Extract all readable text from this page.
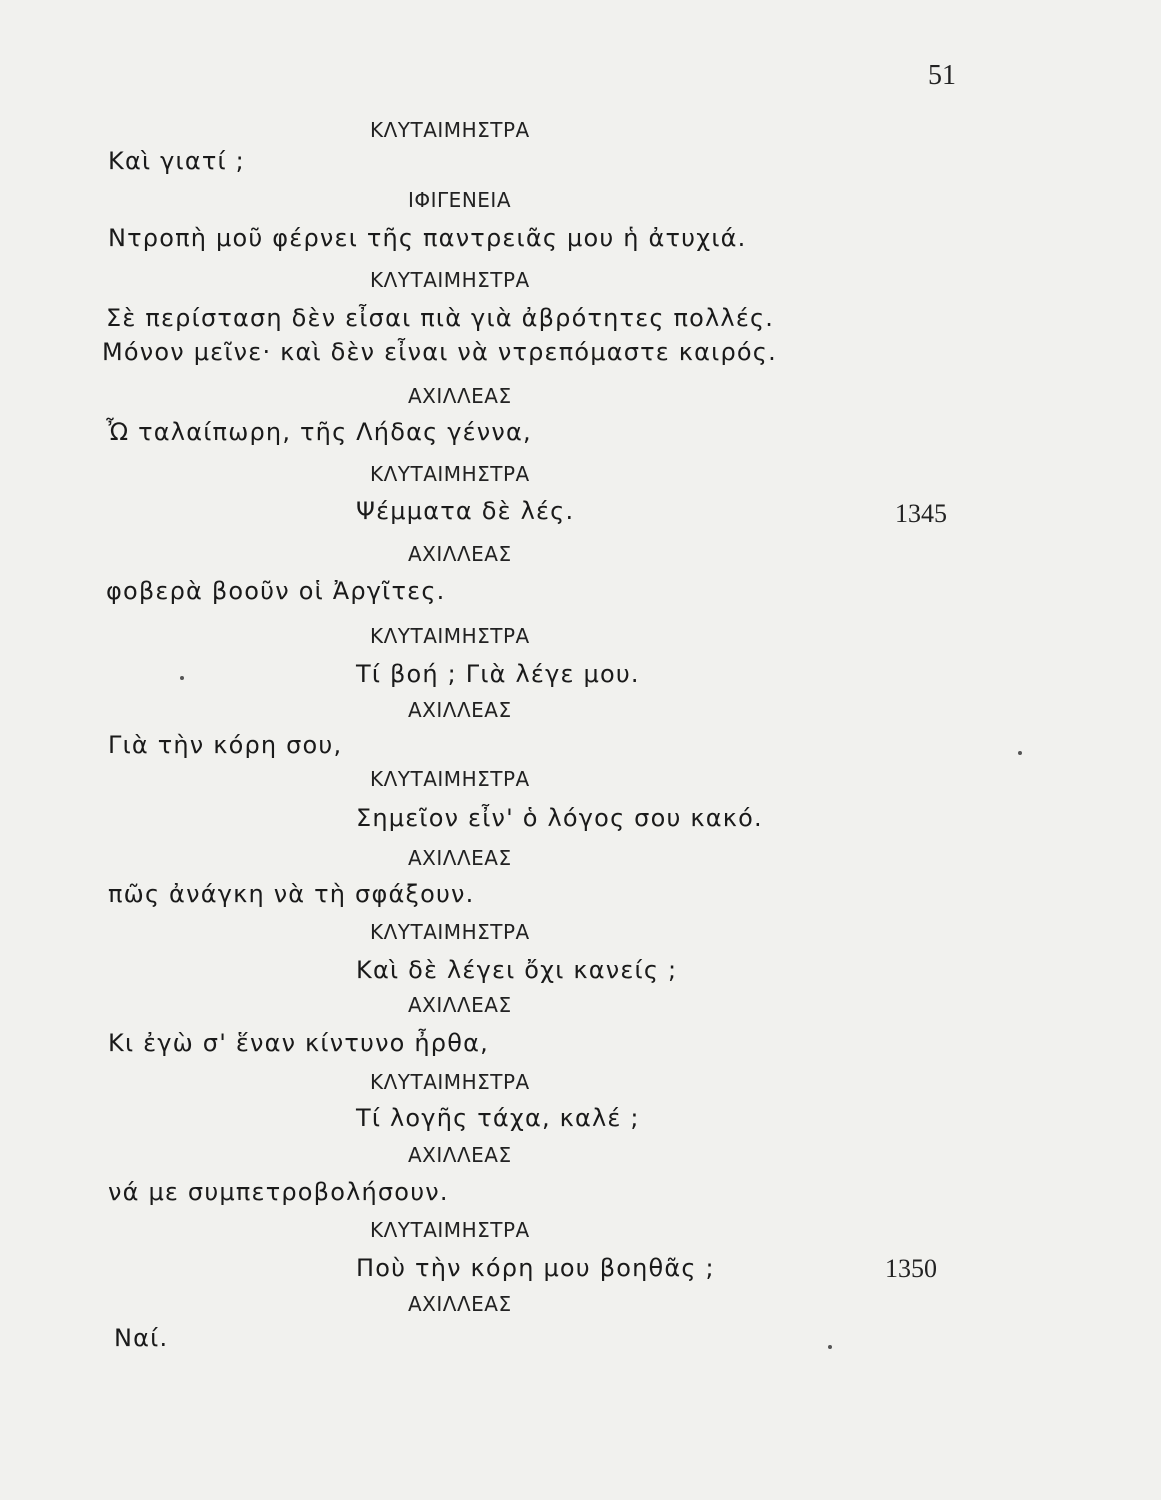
51
ΚΛΥΤΑΙΜΗΣΤΡΑ
Καὶ γιατί ;
ΙΦΙΓΕΝΕΙΑ
Ντροπὴ μοῦ φέρνει τῆς παντρειᾶς μου ἡ ἀτυχιά.
ΚΛΥΤΑΙΜΗΣΤΡΑ
Σὲ περίσταση δὲν εἶσαι πιὰ γιὰ ἀβρότητες πολλές.
Μόνον μεῖνε· καὶ δὲν εἶναι νὰ ντρεπόμαστε καιρός.
ΑΧΙΛΛΕΑΣ
Ὦ ταλαίπωρη, τῆς Λήδας γέννα,
ΚΛΥΤΑΙΜΗΣΤΡΑ
Ψέμματα δὲ λές.	1345
ΑΧΙΛΛΕΑΣ
φοβερὰ βοοῦν οἱ Ἀργῖτες.
ΚΛΥΤΑΙΜΗΣΤΡΑ
Τί βοή ; Γιὰ λέγε μου.
ΑΧΙΛΛΕΑΣ
Γιὰ τὴν κόρη σου,
ΚΛΥΤΑΙΜΗΣΤΡΑ
Σημεῖον εἶν' ὁ λόγος σου κακό.
ΑΧΙΛΛΕΑΣ
πῶς ἀνάγκη νὰ τὴ σφάξουν.
ΚΛΥΤΑΙΜΗΣΤΡΑ
Καὶ δὲ λέγει ὄχι κανείς ;
ΑΧΙΛΛΕΑΣ
Κι ἐγὼ σ' ἕναν κίντυνο ἦρθα,
ΚΛΥΤΑΙΜΗΣΤΡΑ
Τί λογῆς τάχα, καλέ ;
ΑΧΙΛΛΕΑΣ
νά με συμπετροβολήσουν.
ΚΛΥΤΑΙΜΗΣΤΡΑ
Ποὺ τὴν κόρη μου βοηθᾶς ;	1350
ΑΧΙΛΛΕΑΣ
Ναί.
